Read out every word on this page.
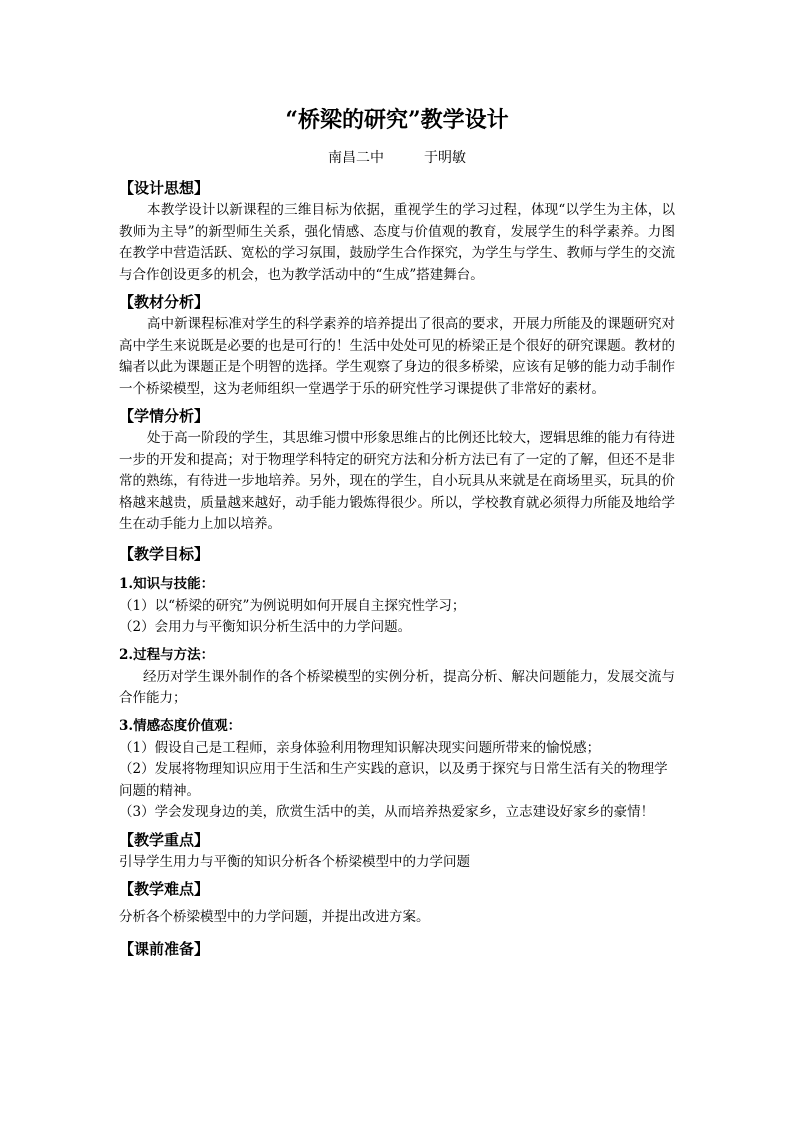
“桥梁的研究”教学设计

南昌二中	于明敏

【设计思想】

本教学设计以新课程的三维目标为依据，重视学生的学习过程，体现“以学生为主体，以教师为主导”的新型师生关系，强化情感、态度与价值观的教育，发展学生的科学素养。力图在教学中营造活跃、宽松的学习氛围，鼓励学生合作探究，为学生与学生、教师与学生的交流与合作创设更多的机会，也为教学活动中的“生成”搭建舞台。

【教材分析】

高中新课程标准对学生的科学素养的培养提出了很高的要求，开展力所能及的课题研究对高中学生来说既是必要的也是可行的！生活中处处可见的桥梁正是个很好的研究课题。教材的编者以此为课题正是个明智的选择。学生观察了身边的很多桥梁，应该有足够的能力动手制作一个桥梁模型，这为老师组织一堂遇学于乐的研究性学习课提供了非常好的素材。

【学情分析】

处于高一阶段的学生，其思维习惯中形象思维占的比例还比较大，逻辑思维的能力有待进一步的开发和提高；对于物理学科特定的研究方法和分析方法已有了一定的了解，但还不是非常的熟练，有待进一步地培养。另外，现在的学生，自小玩具从来就是在商场里买，玩具的价格越来越贵，质量越来越好，动手能力锻炼得很少。所以，学校教育就必须得力所能及地给学生在动手能力上加以培养。

【教学目标】

1.知识与技能：

（1）以“桥梁的研究”为例说明如何开展自主探究性学习；

（2）会用力与平衡知识分析生活中的力学问题。

2.过程与方法：

经历对学生课外制作的各个桥梁模型的实例分析，提高分析、解决问题能力，发展交流与合作能力；

3.情感态度价值观：

（1）假设自己是工程师，亲身体验利用物理知识解决现实问题所带来的愉悦感；

（2）发展将物理知识应用于生活和生产实践的意识，以及勇于探究与日常生活有关的物理学问题的精神。

（3）学会发现身边的美，欣赏生活中的美，从而培养热爱家乡，立志建设好家乡的豪情！

【教学重点】

引导学生用力与平衡的知识分析各个桥梁模型中的力学问题

【教学难点】

分析各个桥梁模型中的力学问题，并提出改进方案。

【课前准备】
